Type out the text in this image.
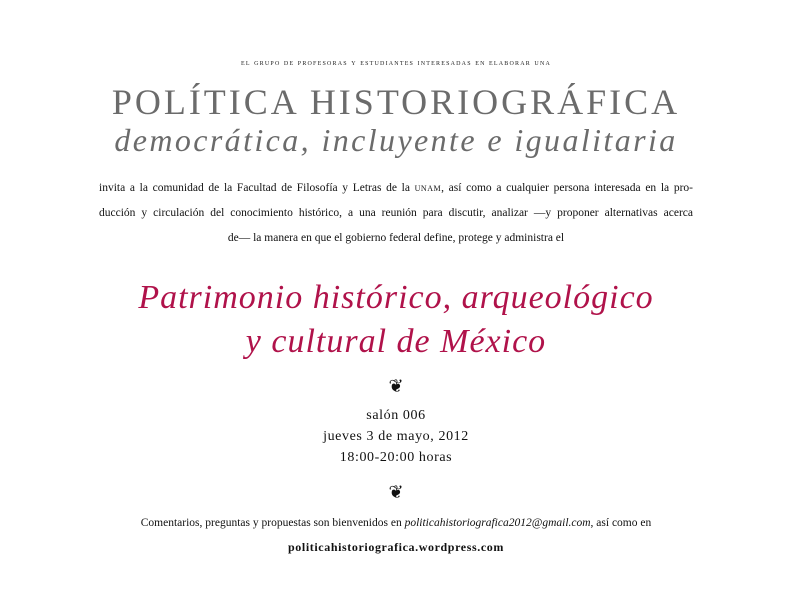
el grupo de profesoras y estudiantes interesadas en elaborar una
POLÍTICA HISTORIOGRÁFICA
democrática, incluyente e igualitaria
invita a la comunidad de la Facultad de Filosofía y Letras de la unam, así como a cualquier persona interesada en la pro-
ducción y circulación del conocimiento histórico, a una reunión para discutir, analizar —y proponer alternativas acerca
de— la manera en que el gobierno federal define, protege y administra el
Patrimonio histórico, arqueológico
y cultural de México
❦
salón 006
jueves 3 de mayo, 2012
18:00-20:00 horas
❦
Comentarios, preguntas y propuestas son bienvenidos en politicahistoriografica2012@gmail.com, así como en
politicahistoriografica.wordpress.com
